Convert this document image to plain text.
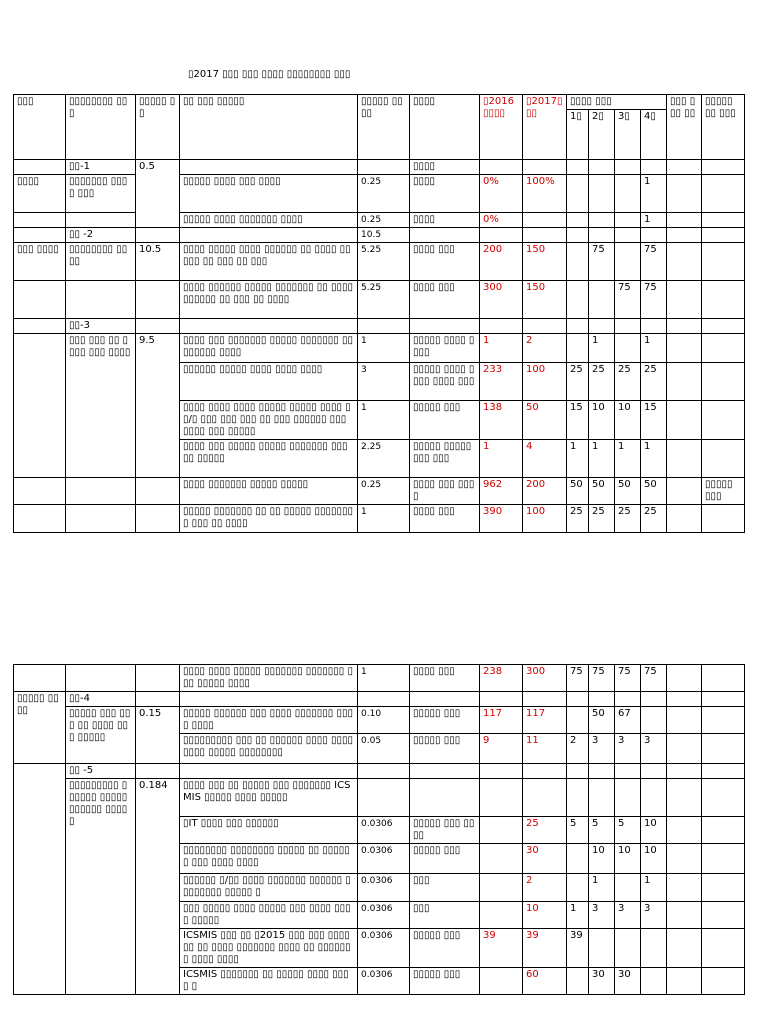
▯2017 ▯▯▯ ▯▯▯ ▯▯▯▯ ▯▯▯▯▯▯▯▯ ▯▯▯
▯▯▯	▯▯▯▯▯▯▯▯ ▯▯▯	▯▯▯▯▯ ▯▯	▯▯ ▯▯▯ ▯▯▯▯▯	▯▯▯▯▯ ▯▯▯▯	▯▯▯▯	▯2016▯▯▯▯	▯2017▯▯▯	▯▯▯▯ ▯▯▯				▯▯▯ ▯▯▯ ▯▯	▯▯▯▯▯ ▯▯ ▯▯▯
								1▯	2▯	3▯	4▯		
	▯▯-1	0.5			▯▯▯▯								
▯▯▯▯	▯▯▯▯▯▯▯ ▯▯▯▯ ▯▯▯		▯▯▯▯▯ ▯▯▯▯ ▯▯▯ ▯▯▯▯	0.25	▯▯▯▯	0%	100%				1		
			▯▯▯▯▯ ▯▯▯▯ ▯▯▯▯▯▯▯ ▯▯▯▯	0.25	▯▯▯▯	0%					1		
	▯▯ -2			10.5									
▯▯▯ ▯▯▯▯	▯▯▯▯▯▯▯▯ ▯▯▯▯	10.5	▯▯▯▯ ▯▯▯▯▯ ▯▯▯▯ ▯▯▯▯▯▯ ▯▯ ▯▯▯▯ ▯▯▯▯▯ ▯▯ ▯▯▯ ▯▯ ▯▯▯	5.25	▯▯▯▯ ▯▯▯	200	150		75		75		
			▯▯▯▯ ▯▯▯▯▯▯ ▯▯▯▯▯ ▯▯▯▯▯▯▯ ▯▯ ▯▯▯▯ ▯▯▯▯▯▯ ▯▯ ▯▯▯ ▯▯ ▯▯▯▯	5.25	▯▯▯▯ ▯▯▯	300	150			75	75		
	▯▯-3												
	▯▯▯ ▯▯▯ ▯▯ ▯▯▯▯ ▯▯▯ ▯▯▯▯	9.5	▯▯▯▯ ▯▯▯ ▯▯▯▯▯▯▯ ▯▯▯▯▯ ▯▯▯▯▯▯▯ ▯▯▯▯▯▯▯▯ ▯▯▯▯	1	▯▯▯▯▯ ▯▯▯▯ ▯▯▯▯	1	2		1		1		
			▯▯▯▯▯▯ ▯▯▯▯▯ ▯▯▯▯ ▯▯▯▯ ▯▯▯▯	3	▯▯▯▯▯ ▯▯▯▯ ▯▯▯▯ ▯▯▯▯ ▯▯▯	233	100	25	25	25	25		
			▯▯▯▯ ▯▯▯▯ ▯▯▯▯ ▯▯▯▯▯ ▯▯▯▯▯ ▯▯▯▯ ▯▯/▯ ▯▯▯ ▯▯▯ ▯▯▯ ▯▯ ▯▯▯ ▯▯▯▯▯▯ ▯▯▯ ▯▯▯▯ ▯▯▯ ▯▯▯▯▯	1	▯▯▯▯▯ ▯▯▯	138	50	15	10	10	15		
			▯▯▯▯ ▯▯▯ ▯▯▯▯▯ ▯▯▯▯▯ ▯▯▯▯▯▯▯ ▯▯▯ ▯▯ ▯▯▯▯▯	2.25	▯▯▯▯▯ ▯▯▯▯▯ ▯▯▯ ▯▯▯	1	4	1	1	1	1		
			▯▯▯▯ ▯▯▯▯▯▯▯ ▯▯▯▯▯ ▯▯▯▯▯	0.25	▯▯▯▯ ▯▯▯ ▯▯▯▯	962	200	50	50	50	50		▯▯▯▯▯ ▯▯▯
			▯▯▯▯▯ ▯▯▯▯▯▯▯ ▯▯ ▯▯ ▯▯▯▯▯ ▯▯▯▯▯▯▯▯ ▯▯▯ ▯▯ ▯▯▯▯	1	▯▯▯▯ ▯▯▯	390	100	25	25	25	25		
			▯▯▯▯ ▯▯▯▯ ▯▯▯▯▯ ▯▯▯▯▯▯▯ ▯▯▯▯▯▯▯ ▯▯▯ ▯▯▯▯▯ ▯▯▯▯	1	▯▯▯▯ ▯▯▯	238	300	75	75	75	75		
▯▯▯▯▯ ▯▯▯▯	▯▯-4												
	▯▯▯▯▯ ▯▯▯ ▯▯▯ ▯▯ ▯▯▯▯ ▯▯▯ ▯▯▯▯▯	0.15	▯▯▯▯▯ ▯▯▯▯▯▯ ▯▯▯ ▯▯▯▯ ▯▯▯▯▯▯▯ ▯▯▯▯ ▯▯▯▯	0.10	▯▯▯▯▯ ▯▯▯	117	117		50	67			
			▯▯▯▯▯▯▯▯▯ ▯▯▯ ▯▯ ▯▯▯▯▯▯ ▯▯▯▯ ▯▯▯▯ ▯▯▯▯ ▯▯▯▯▯ ▯▯▯▯▯▯▯▯	0.05	▯▯▯▯▯ ▯▯▯	9	11	2	3	3	3		
	▯▯ -5												
	▯▯▯▯▯▯▯▯▯ ▯▯▯▯▯▯ ▯▯▯▯▯ ▯▯▯▯▯▯ ▯▯▯▯▯	0.184	▯▯▯▯ ▯▯▯ ▯▯ ▯▯▯▯▯ ▯▯▯ ▯▯▯▯▯▯▯ ICSMIS ▯▯▯▯▯ ▯▯▯▯ ▯▯▯▯▯										
			▯IT ▯▯▯▯ ▯▯▯ ▯▯▯▯▯▯	0.0306	▯▯▯▯▯ ▯▯▯ ▯▯▯▯		25	5	5	5	10		
			▯▯▯▯▯▯▯▯ ▯▯▯▯▯▯▯▯ ▯▯▯▯▯ ▯▯ ▯▯▯▯▯▯ ▯▯▯ ▯▯▯▯ ▯▯▯▯	0.0306	▯▯▯▯▯ ▯▯▯		30		10	10	10		
			▯▯▯▯▯▯ ▯/▯▯ ▯▯▯▯ ▯▯▯▯▯▯▯ ▯▯▯▯▯▯ ▯▯▯▯▯▯▯▯ ▯▯▯▯▯ ▯	0.0306	▯▯▯		2		1		1		
			▯▯▯ ▯▯▯▯▯ ▯▯▯▯ ▯▯▯▯▯ ▯▯▯ ▯▯▯▯ ▯▯▯▯ ▯▯▯▯▯	0.0306	▯▯▯		10	1	3	3	3		
			ICSMIS ▯▯▯ ▯▯ ▯2015 ▯▯▯ ▯▯▯ ▯▯▯▯▯▯ ▯▯ ▯▯▯▯ ▯▯▯▯▯▯▯ ▯▯▯▯ ▯▯ ▯▯▯▯▯▯▯ ▯▯▯▯ ▯▯▯▯	0.0306	▯▯▯▯▯ ▯▯▯	39	39	39					
			ICSMIS ▯▯▯▯▯▯▯ ▯▯ ▯▯▯▯▯ ▯▯▯▯ ▯▯▯▯ ▯	0.0306	▯▯▯▯▯ ▯▯▯		60		30	30			
